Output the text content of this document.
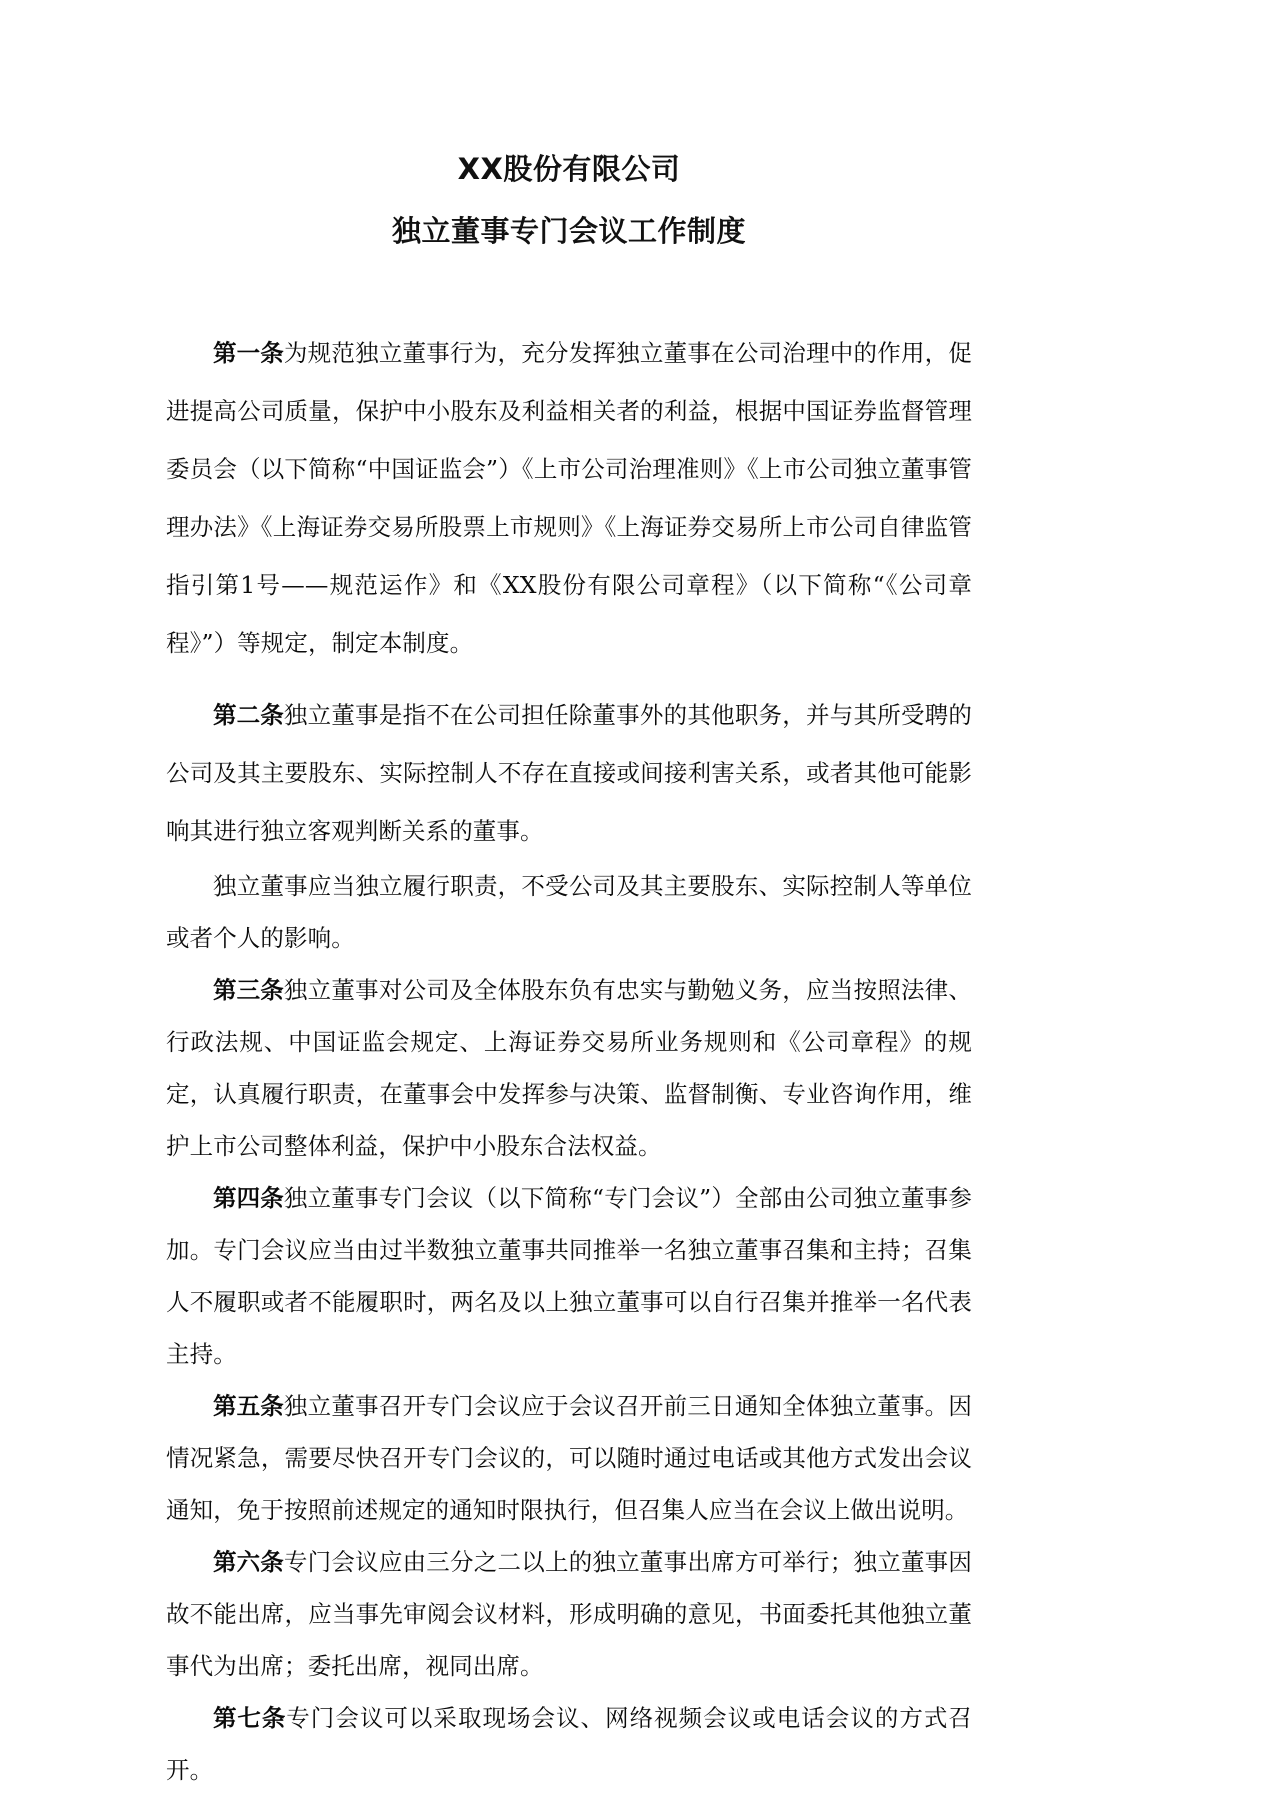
XX股份有限公司
独立董事专门会议工作制度

第一条为规范独立董事行为，充分发挥独立董事在公司治理中的作用，促进提高公司质量，保护中小股东及利益相关者的利益，根据中国证券监督管理委员会（以下简称“中国证监会”）《上市公司治理准则》《上市公司独立董事管理办法》《上海证券交易所股票上市规则》《上海证券交易所上市公司自律监管指引第1号——规范运作》和《XX股份有限公司章程》（以下简称“《公司章程》”）等规定，制定本制度。

第二条独立董事是指不在公司担任除董事外的其他职务，并与其所受聘的公司及其主要股东、实际控制人不存在直接或间接利害关系，或者其他可能影响其进行独立客观判断关系的董事。

独立董事应当独立履行职责，不受公司及其主要股东、实际控制人等单位或者个人的影响。

第三条独立董事对公司及全体股东负有忠实与勤勉义务，应当按照法律、行政法规、中国证监会规定、上海证券交易所业务规则和《公司章程》的规定，认真履行职责，在董事会中发挥参与决策、监督制衡、专业咨询作用，维护上市公司整体利益，保护中小股东合法权益。

第四条独立董事专门会议（以下简称“专门会议”）全部由公司独立董事参加。专门会议应当由过半数独立董事共同推举一名独立董事召集和主持；召集人不履职或者不能履职时，两名及以上独立董事可以自行召集并推举一名代表主持。

第五条独立董事召开专门会议应于会议召开前三日通知全体独立董事。因情况紧急，需要尽快召开专门会议的，可以随时通过电话或其他方式发出会议通知，免于按照前述规定的通知时限执行，但召集人应当在会议上做出说明。

第六条专门会议应由三分之二以上的独立董事出席方可举行；独立董事因故不能出席，应当事先审阅会议材料，形成明确的意见，书面委托其他独立董事代为出席；委托出席，视同出席。

第七条专门会议可以采取现场会议、网络视频会议或电话会议的方式召开。
